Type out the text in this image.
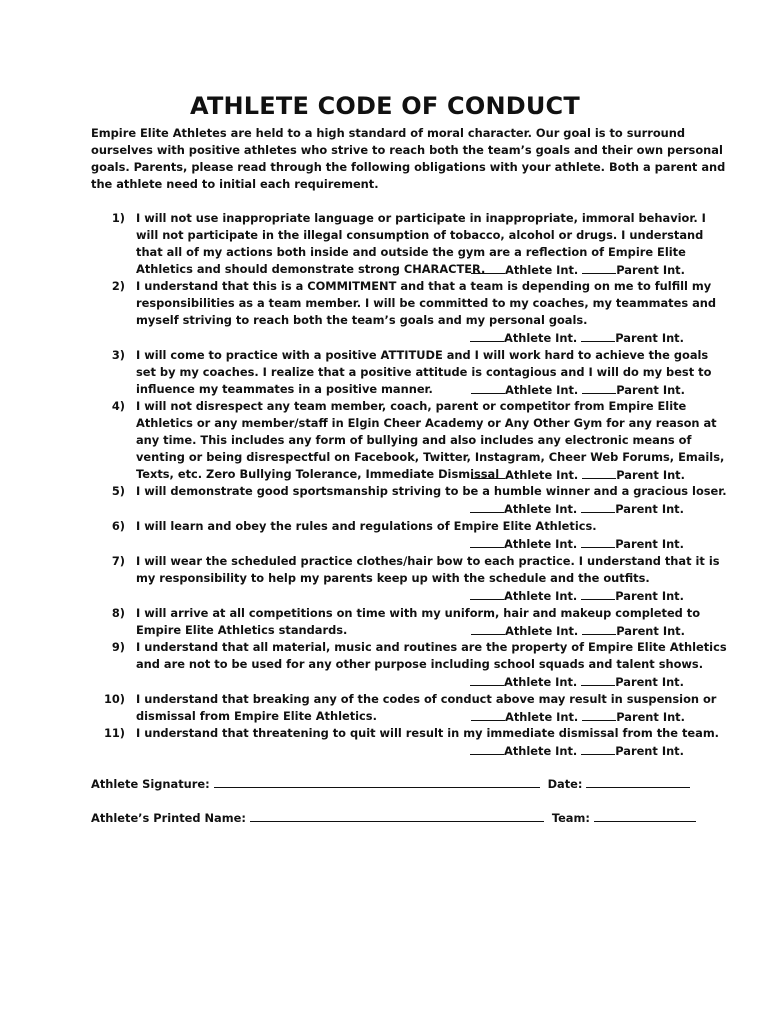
ATHLETE CODE OF CONDUCT
Empire Elite Athletes are held to a high standard of moral character. Our goal is to surround
ourselves with positive athletes who strive to reach both the team’s goals and their own personal
goals. Parents, please read through the following obligations with your athlete. Both a parent and
the athlete need to initial each requirement.
1) I will not use inappropriate language or participate in inappropriate, immoral behavior. I
will not participate in the illegal consumption of tobacco, alcohol or drugs. I understand
that all of my actions both inside and outside the gym are a reflection of Empire Elite
Athletics and should demonstrate strong CHARACTER.	Athlete Int.	Parent Int.
2) I understand that this is a COMMITMENT and that a team is depending on me to fulfill my
responsibilities as a team member. I will be committed to my coaches, my teammates and
myself striving to reach both the team’s goals and my personal goals.
Athlete Int.	Parent Int.
3) I will come to practice with a positive ATTITUDE and I will work hard to achieve the goals
set by my coaches. I realize that a positive attitude is contagious and I will do my best to
influence my teammates in a positive manner.	Athlete Int.	Parent Int.
4) I will not disrespect any team member, coach, parent or competitor from Empire Elite
Athletics or any member/staff in Elgin Cheer Academy or Any Other Gym for any reason at
any time. This includes any form of bullying and also includes any electronic means of
venting or being disrespectful on Facebook, Twitter, Instagram, Cheer Web Forums, Emails,
Texts, etc. Zero Bullying Tolerance, Immediate Dismissal Athlete Int.	Parent Int.
5) I will demonstrate good sportsmanship striving to be a humble winner and a gracious loser.
Athlete Int.	Parent Int.
6) I will learn and obey the rules and regulations of Empire Elite Athletics.
Athlete Int.	Parent Int.
7) I will wear the scheduled practice clothes/hair bow to each practice. I understand that it is
my responsibility to help my parents keep up with the schedule and the outfits.
Athlete Int.	Parent Int.
8) I will arrive at all competitions on time with my uniform, hair and makeup completed to
Empire Elite Athletics standards.	Athlete Int.	Parent Int.
9) I understand that all material, music and routines are the property of Empire Elite Athletics
and are not to be used for any other purpose including school squads and talent shows.
Athlete Int.	Parent Int.
10) I understand that breaking any of the codes of conduct above may result in suspension or
dismissal from Empire Elite Athletics.	Athlete Int.	Parent Int.
11) I understand that threatening to quit will result in my immediate dismissal from the team.
Athlete Int.	Parent Int.
Athlete Signature:	Date:
Athlete’s Printed Name:	Team:
